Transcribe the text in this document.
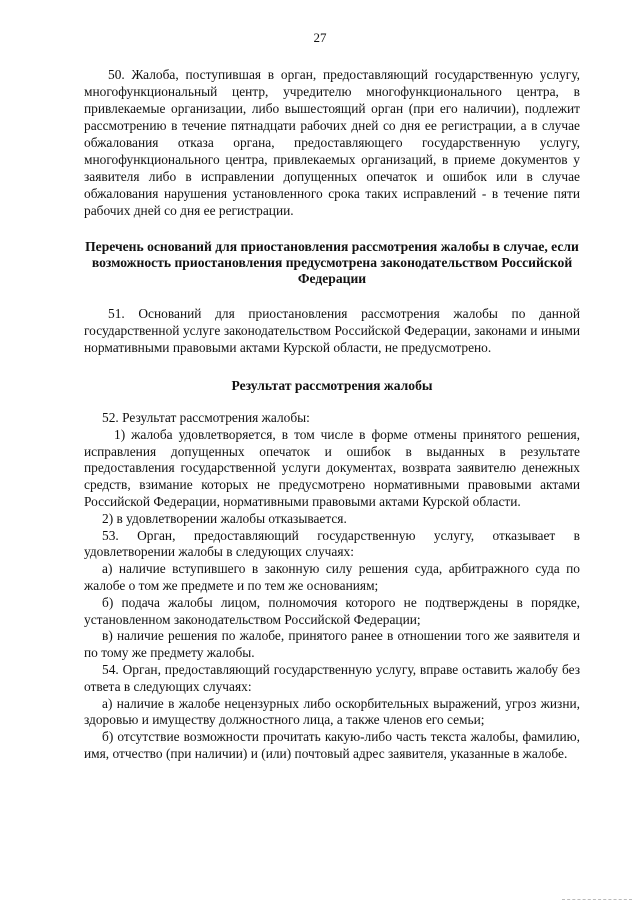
27

50. Жалоба, поступившая в орган, предоставляющий государственную услугу, многофункциональный центр, учредителю многофункционального центра, в привлекаемые организации, либо вышестоящий орган (при его наличии), подлежит рассмотрению в течение пятнадцати рабочих дней со дня ее регистрации, а в случае обжалования отказа органа, предоставляющего государственную услугу, многофункционального центра, привлекаемых организаций, в приеме документов у заявителя либо в исправлении допущенных опечаток и ошибок или в случае обжалования нарушения установленного срока таких исправлений - в течение пяти рабочих дней со дня ее регистрации.

Перечень оснований для приостановления рассмотрения жалобы в случае, если возможность приостановления предусмотрена законодательством Российской Федерации

51. Оснований для приостановления рассмотрения жалобы по данной государственной услуге законодательством Российской Федерации, законами и иными нормативными правовыми актами Курской области, не предусмотрено.

Результат рассмотрения жалобы

52. Результат рассмотрения жалобы:

1) жалоба удовлетворяется, в том числе в форме отмены принятого решения, исправления допущенных опечаток и ошибок в выданных в результате предоставления государственной услуги документах, возврата заявителю денежных средств, взимание которых не предусмотрено нормативными правовыми актами Российской Федерации, нормативными правовыми актами Курской области.

2) в удовлетворении жалобы отказывается.

53. Орган, предоставляющий государственную услугу, отказывает в удовлетворении жалобы в следующих случаях:

а) наличие вступившего в законную силу решения суда, арбитражного суда по жалобе о том же предмете и по тем же основаниям;

б) подача жалобы лицом, полномочия которого не подтверждены в порядке, установленном законодательством Российской Федерации;

в) наличие решения по жалобе, принятого ранее в отношении того же заявителя и по тому же предмету жалобы.

54. Орган, предоставляющий государственную услугу, вправе оставить жалобу без ответа в следующих случаях:

а) наличие в жалобе нецензурных либо оскорбительных выражений, угроз жизни, здоровью и имуществу должностного лица, а также членов его семьи;

б) отсутствие возможности прочитать какую-либо часть текста жалобы, фамилию, имя, отчество (при наличии) и (или) почтовый адрес заявителя, указанные в жалобе.
